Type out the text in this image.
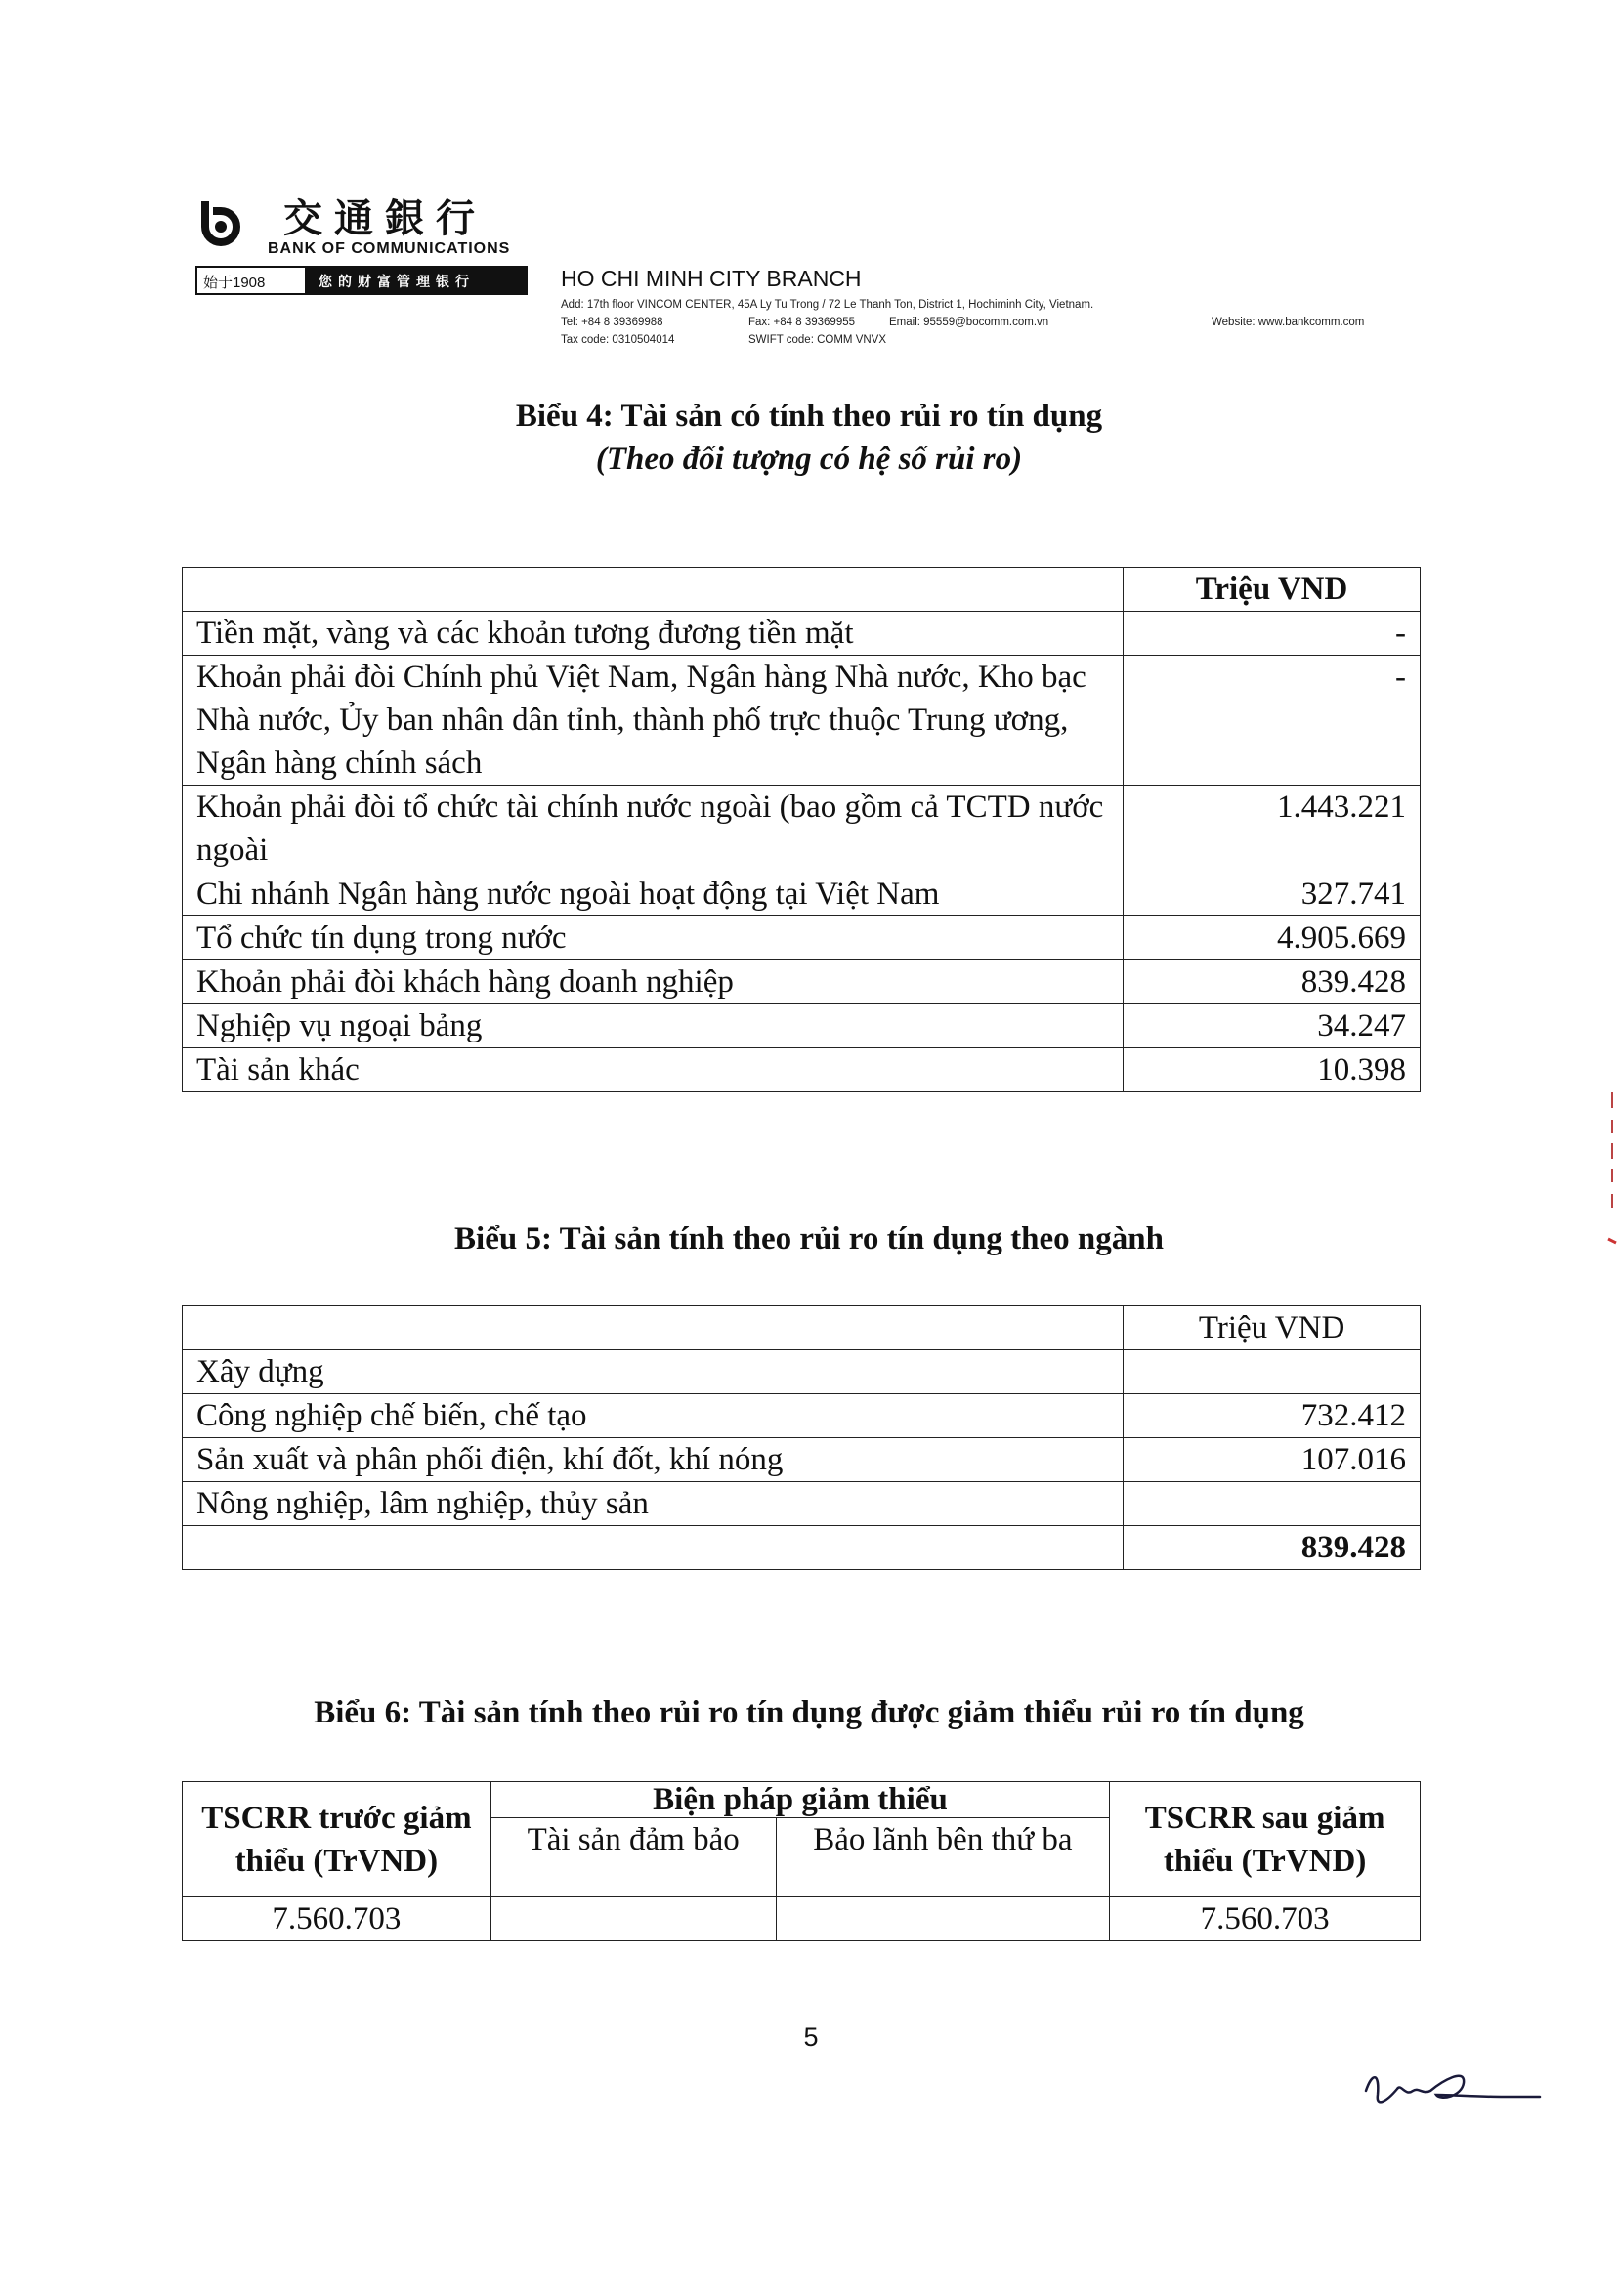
交通銀行
BANK OF COMMUNICATIONS
始于1908	您的财富管理银行	HO CHI MINH CITY BRANCH
Add: 17th floor VINCOM CENTER, 45A Ly Tu Trong / 72 Le Thanh Ton, District 1, Hochiminh City, Vietnam.
Tel: +84 8 39369988	Fax: +84 8 39369955	Email: 95559@bocomm.com.vn	Website: www.bankcomm.com
Tax code: 0310504014	SWIFT code: COMM VNVX
Biểu 4: Tài sản có tính theo rủi ro tín dụng
(Theo đối tượng có hệ số rủi ro)
	Triệu VND
Tiền mặt, vàng và các khoản tương đương tiền mặt	-
Khoản phải đòi Chính phủ Việt Nam, Ngân hàng Nhà nước, Kho bạc Nhà nước, Ủy ban nhân dân tỉnh, thành phố trực thuộc Trung ương, Ngân hàng chính sách	-
Khoản phải đòi tổ chức tài chính nước ngoài (bao gồm cả TCTD nước ngoài	1.443.221
Chi nhánh Ngân hàng nước ngoài hoạt động tại Việt Nam	327.741
Tổ chức tín dụng trong nước	4.905.669
Khoản phải đòi khách hàng doanh nghiệp	839.428
Nghiệp vụ ngoại bảng	34.247
Tài sản khác	10.398
Biểu 5: Tài sản tính theo rủi ro tín dụng theo ngành
	Triệu VND
Xây dựng	
Công nghiệp chế biến, chế tạo	732.412
Sản xuất và phân phối điện, khí đốt, khí nóng	107.016
Nông nghiệp, lâm nghiệp, thủy sản	
	839.428
Biểu 6: Tài sản tính theo rủi ro tín dụng được giảm thiểu rủi ro tín dụng
TSCRR trước giảm thiểu (TrVND)	Biện pháp giảm thiểu		TSCRR sau giảm thiểu (TrVND)
	Tài sản đảm bảo	Bảo lãnh bên thứ ba	
7.560.703			7.560.703
5
